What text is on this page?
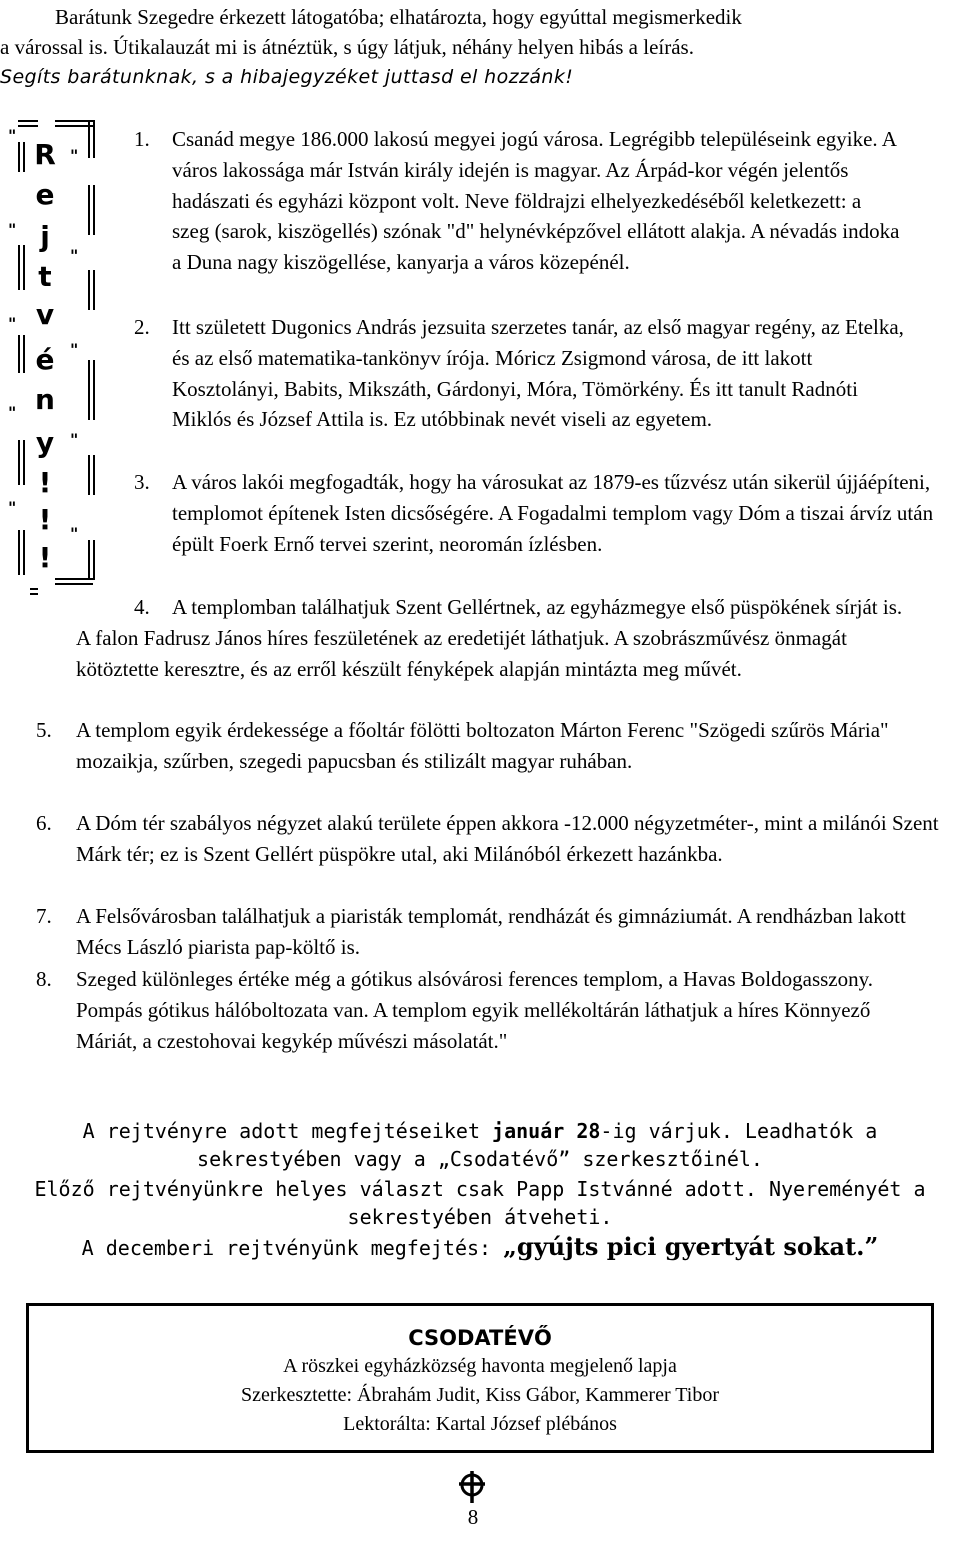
Barátunk Szegedre érkezett látogatóba; elhatározta, hogy egyúttal megismerkedik

a várossal is. Útikalauzát mi is átnéztük, s úgy látjuk, néhány helyen hibás a leírás.

Segíts barátunknak, s a hibajegyzéket juttasd el hozzánk!

"
"
"
"
"
"
"
"
"
"
R
e
j
t
v
é
n
y
!
!
!
1. Csanád megye 186.000 lakosú megyei jogú városa. Legrégibb településeink egyike. A város lakossága már István király idején is magyar. Az Árpád-kor végén jelentős hadászati és egyházi központ volt. Neve földrajzi elhelyezkedéséből keletkezett: a szeg (sarok, kiszögellés) szónak "d" helynévképzővel ellátott alakja. A névadás indoka a Duna nagy kiszögellése, kanyarja a város közepénél.

2. Itt született Dugonics András jezsuita szerzetes tanár, az első magyar regény, az Etelka, és az első matematika-tankönyv írója. Móricz Zsigmond városa, de itt lakott Kosztolányi, Babits, Mikszáth, Gárdonyi, Móra, Tömörkény. És itt tanult Radnóti Miklós és József Attila is. Ez utóbbinak nevét viseli az egyetem.

3. A város lakói megfogadták, hogy ha városukat az 1879-es tűzvész után sikerül újjáépíteni, templomot építenek Isten dicsőségére. A Fogadalmi templom vagy Dóm a tiszai árvíz után épült Foerk Ernő tervei szerint, neoromán ízlésben.

4.	A templomban találhatjuk Szent Gellértnek, az egyházmegye első püspökének sírját is. A falon Fadrusz János híres feszületének az eredetijét láthatjuk. A szobrászművész önmagát kötöztette keresztre, és az erről készült fényképek alapján mintázta meg művét.

5. A templom egyik érdekessége a főoltár fölötti boltozaton Márton Ferenc "Szögedi szűrös Mária" mozaikja, szűrben, szegedi papucsban és stilizált magyar ruhában.

6. A Dóm tér szabályos négyzet alakú területe éppen akkora -12.000 négyzetméter-, mint a milánói Szent Márk tér; ez is Szent Gellért püspökre utal, aki Milánóból érkezett hazánkba.

7. A Felsővárosban találhatjuk a piaristák templomát, rendházát és gimnáziumát. A rendházban lakott Mécs László piarista pap-költő is.

8. Szeged különleges értéke még a gótikus alsóvárosi ferences templom, a Havas Boldogasszony. Pompás gótikus hálóboltozata van. A templom egyik mellékoltárán láthatjuk a híres Könnyező Máriát, a czestohovai kegykép művészi másolatát."

A rejtvényre adott megfejtéseiket január 28-ig várjuk. Leadhatók a

sekrestyében vagy a „Csodatévő” szerkesztőinél.

Előző rejtvényünkre helyes választ csak Papp Istvánné adott. Nyereményét a

sekrestyében átveheti.

A decemberi rejtvényünk megfejtés: „gyújts pici gyertyát sokat.”

CSODATÉVŐ
A röszkei egyházközség havonta megjelenő lapja
Szerkesztette: Ábrahám Judit, Kiss Gábor, Kammerer Tibor
Lektorálta: Kartal József plébános
8
